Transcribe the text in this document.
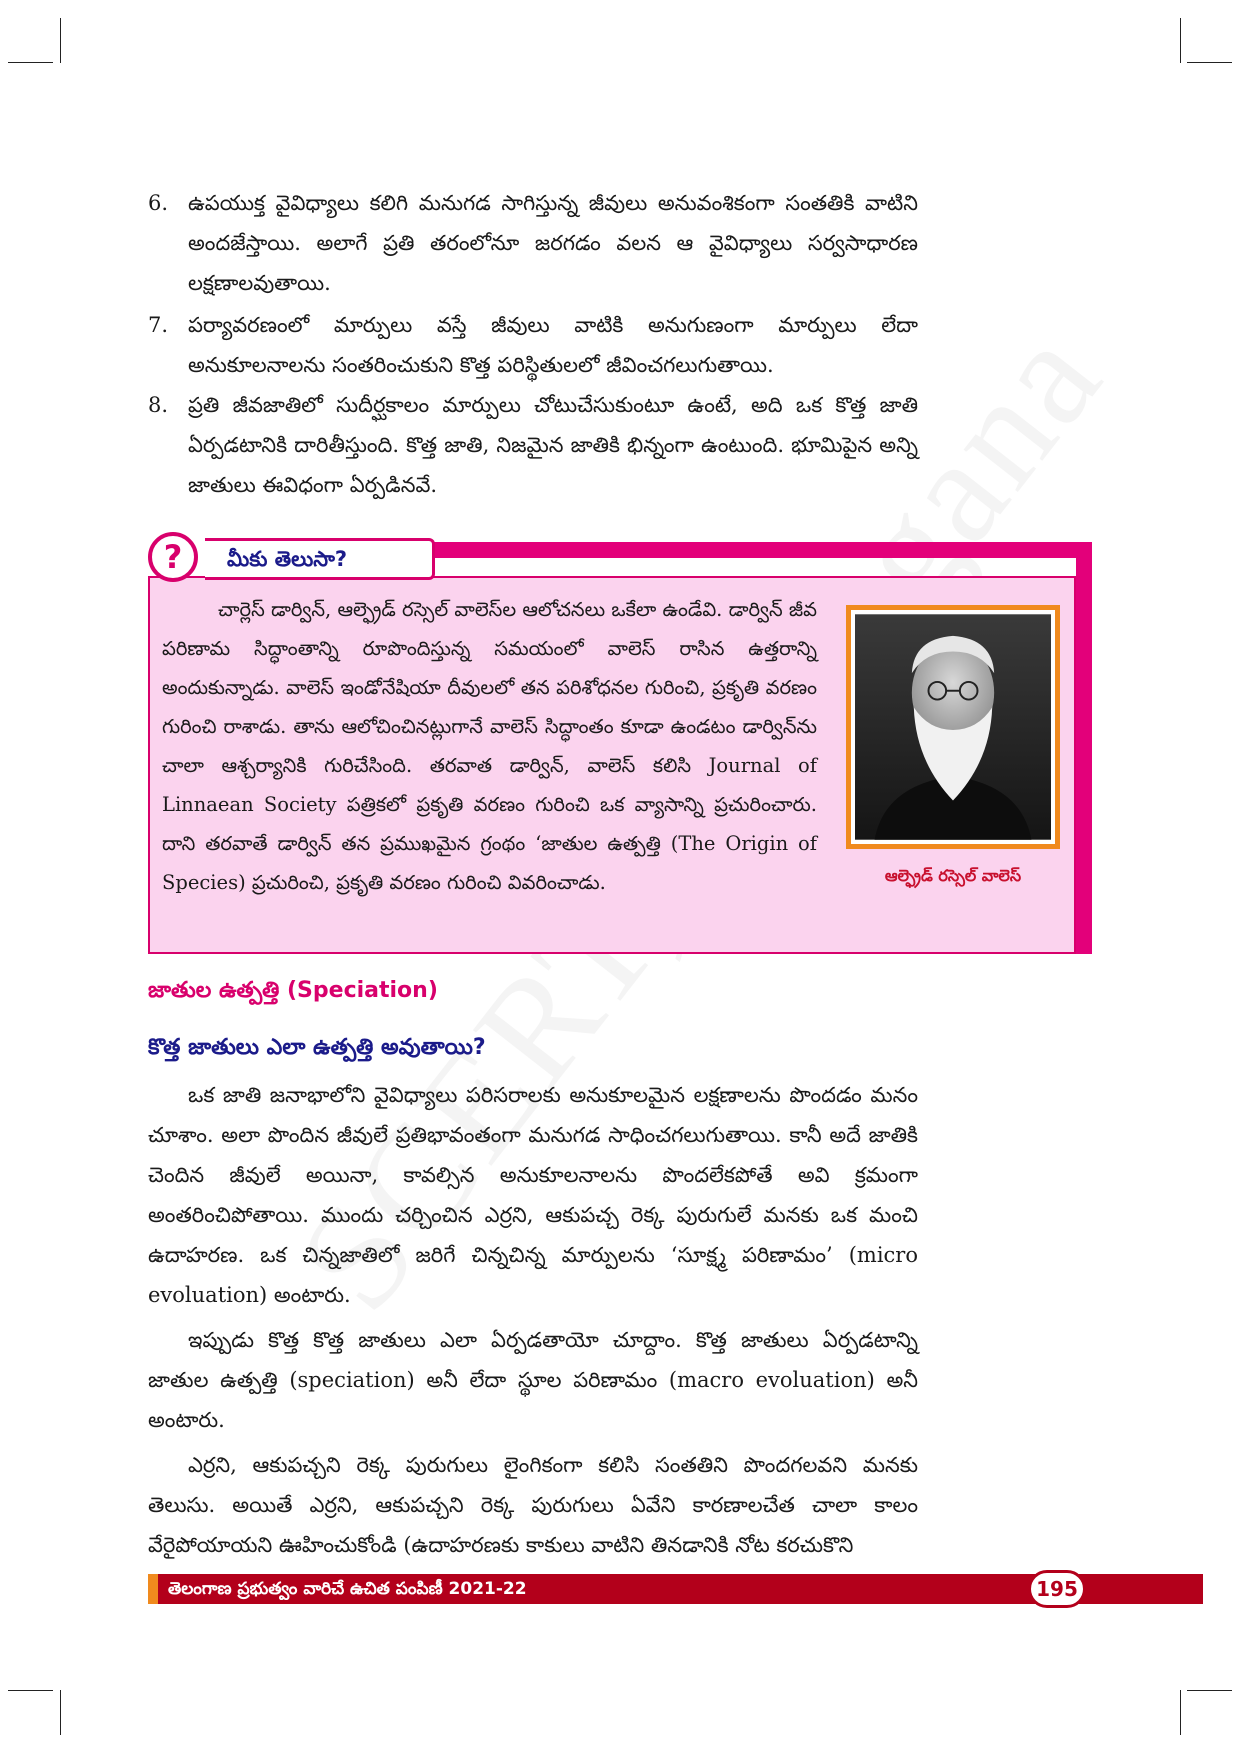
6. ఉపయుక్త వైవిధ్యాలు కలిగి మనుగడ సాగిస్తున్న జీవులు అనువంశికంగా సంతతికి వాటిని అందజేస్తాయి. అలాగే ప్రతి తరంలోనూ జరగడం వలన ఆ వైవిధ్యాలు సర్వసాధారణ లక్షణాలవుతాయి.
7. పర్యావరణంలో మార్పులు వస్తే జీవులు వాటికి అనుగుణంగా మార్పులు లేదా అనుకూలనాలను సంతరించుకుని కొత్త పరిస్థితులలో జీవించగలుగుతాయి.
8. ప్రతి జీవజాతిలో సుదీర్ఘకాలం మార్పులు చోటుచేసుకుంటూ ఉంటే, అది ఒక కొత్త జాతి ఏర్పడటానికి దారితీస్తుంది. కొత్త జాతి, నిజమైన జాతికి భిన్నంగా ఉంటుంది. భూమిపైన అన్ని జాతులు ఈవిధంగా ఏర్పడినవే.
మీకు తెలుసా?
?
చార్లెస్ డార్విన్, ఆల్ఫ్రెడ్ రస్సెల్ వాలెస్‌ల ఆలోచనలు ఒకేలా ఉండేవి. డార్విన్ జీవ పరిణామ సిద్ధాంతాన్ని రూపొందిస్తున్న సమయంలో వాలెస్ రాసిన ఉత్తరాన్ని అందుకున్నాడు. వాలెస్ ఇండోనేషియా దీవులలో తన పరిశోధనల గురించి, ప్రకృతి వరణం గురించి రాశాడు. తాను ఆలోచించినట్లుగానే వాలెస్ సిద్ధాంతం కూడా ఉండటం డార్విన్‌ను చాలా ఆశ్చర్యానికి గురిచేసింది. తరవాత డార్విన్, వాలెస్ కలిసి Journal of Linnaean Society పత్రికలో ప్రకృతి వరణం గురించి ఒక వ్యాసాన్ని ప్రచురించారు. దాని తరవాతే డార్విన్ తన ప్రముఖమైన గ్రంథం ‘జాతుల ఉత్పత్తి (The Origin of Species) ప్రచురించి, ప్రకృతి వరణం గురించి వివరించాడు.	ఆల్ఫ్రెడ్ రస్సెల్ వాలెస్
జాతుల ఉత్పత్తి (Speciation)
కొత్త జాతులు ఎలా ఉత్పత్తి అవుతాయి?
ఒక జాతి జనాభాలోని వైవిధ్యాలు పరిసరాలకు అనుకూలమైన లక్షణాలను పొందడం మనం చూశాం. అలా పొందిన జీవులే ప్రతిభావంతంగా మనుగడ సాధించగలుగుతాయి. కానీ అదే జాతికి చెందిన జీవులే అయినా, కావల్సిన అనుకూలనాలను పొందలేకపోతే అవి క్రమంగా అంతరించిపోతాయి. ముందు చర్చించిన ఎర్రని, ఆకుపచ్చ రెక్క పురుగులే మనకు ఒక మంచి ఉదాహరణ. ఒక చిన్నజాతిలో జరిగే చిన్నచిన్న మార్పులను ‘సూక్ష్మ పరిణామం’ (micro evoluation) అంటారు.
ఇప్పుడు కొత్త కొత్త జాతులు ఎలా ఏర్పడతాయో చూద్దాం. కొత్త జాతులు ఏర్పడటాన్ని జాతుల ఉత్పత్తి (speciation) అనీ లేదా స్థూల పరిణామం (macro evoluation) అనీ అంటారు.
ఎర్రని, ఆకుపచ్చని రెక్క పురుగులు లైంగికంగా కలిసి సంతతిని పొందగలవని మనకు తెలుసు. అయితే ఎర్రని, ఆకుపచ్చని రెక్క పురుగులు ఏవేని కారణాలచేత చాలా కాలం వేరైపోయాయని ఊహించుకోండి (ఉదాహరణకు కాకులు వాటిని తినడానికి నోట కరచుకొని
తెలంగాణ ప్రభుత్వం వారిచే ఉచిత పంపిణీ 2021-22	195
